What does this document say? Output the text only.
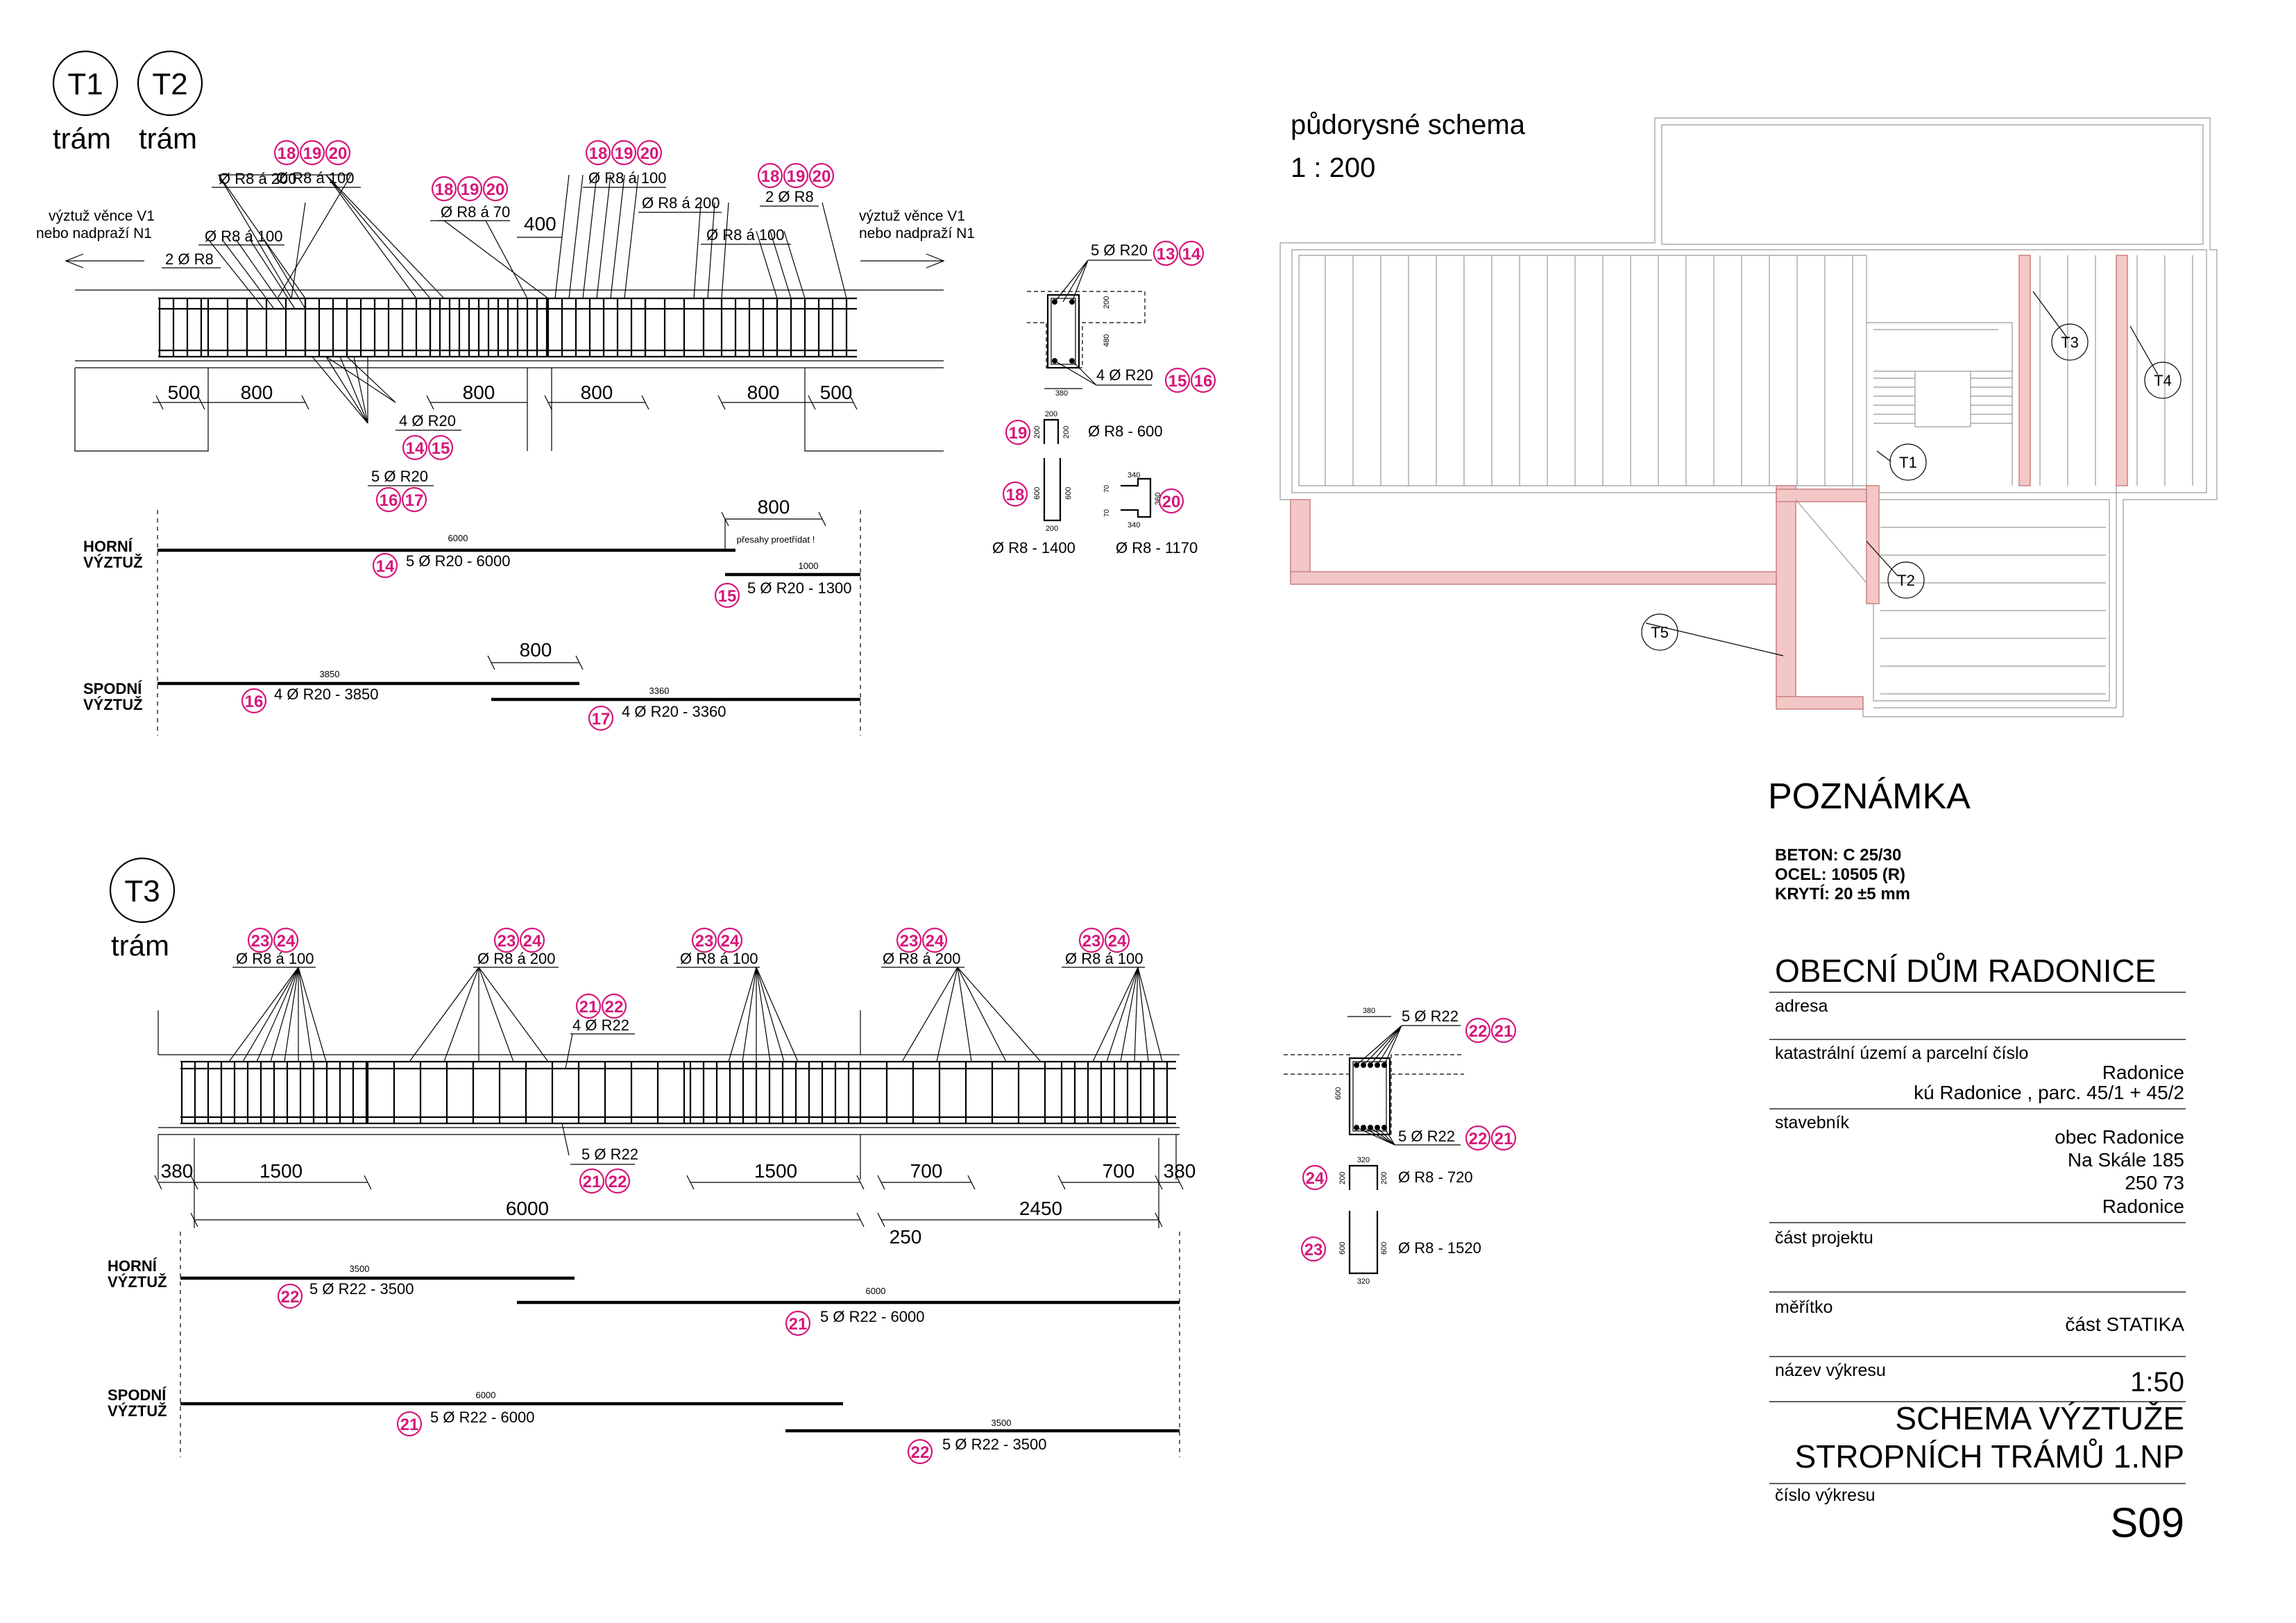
T1 T2
trám trám
výztuž věnce V1
nebo nadpraží N1
výztuž věnce V1
nebo nadpraží N1
Ø R8 á 200
Ø R8 á 100
Ø R8 á 100
2 Ø R8
Ø R8 á 70
400
Ø R8 á 100
Ø R8 á 200
Ø R8 á 100
2 Ø R8
4 Ø R20
5 Ø R20
18 19 20
18 19 20
18 19 20
18 19 20
14 15
16 17
500 800	800	800	800 500
HORNÍ
VÝZTUŽ
6000
14 5 Ø R20 - 6000
800
přesahy proetřídat !
1000
15 5 Ø R20 - 1300
800
SPODNÍ
VÝZTUŽ
3850
16 4 Ø R20 - 3850	3360
17 4 Ø R20 - 3360
5 Ø R20 13 14
4 Ø R20 15 16
380
200
480
19
200
200	200 Ø R8 - 600
18 600	600
200
Ø R8 - 1400
340
340
360
70
70
20
Ø R8 - 1170
půdorysné schema
1 : 200
T1
T2
T3
T4
T5
T3
trám	Ø R8 á 100	Ø R8 á 200	Ø R8 á 100	Ø R8 á 200	Ø R8 á 100
4 Ø R22
5 Ø R22
23 24	23 24	23 24	23 24	23 24
21 22
21 22
380	1500	1500	700	700 380
6000	2450
250
HORNÍ
VÝZTUŽ
3500
22 5 Ø R22 - 3500	6000
21 5 Ø R22 - 6000
SPODNÍ
VÝZTUŽ
6000
21 5 Ø R22 - 6000	3500
22 5 Ø R22 - 3500
5 Ø R22
22 21
5 Ø R22 22 21
380
600
24
320
200	200 Ø R8 - 720
23 600	600
320
Ø R8 - 1520
POZNÁMKA
BETON: C 25/30
OCEL: 10505 (R)
KRYTÍ: 20 ±5 mm
OBECNÍ DŮM RADONICE
adresa
katastrální území a parcelní číslo
Radonice
kú Radonice , parc. 45/1 + 45/2
stavebník
obec Radonice
Na Skále 185
250 73
Radonice
část projektu
měřítko
část STATIKA
název výkresu	1:50
SCHEMA VÝZTUŽE
STROPNÍCH TRÁMŮ 1.NP
číslo výkresu
S09
